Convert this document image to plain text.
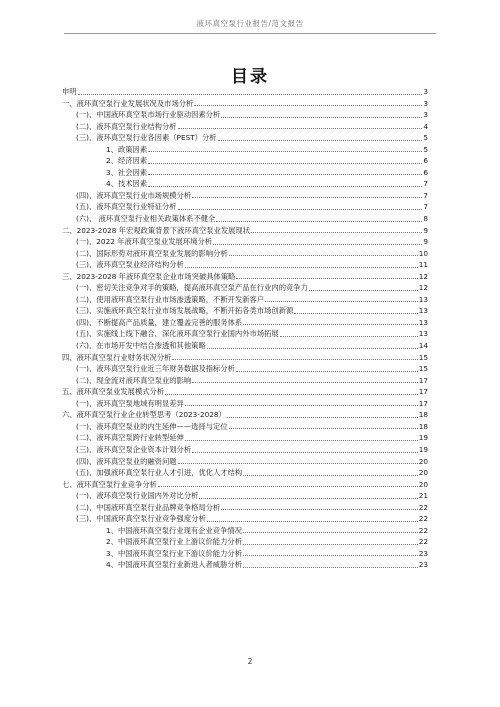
液环真空泵行业报告/范文报告
目录
申明	3
一、液环真空泵行业发展状况及市场分析	3
(一)、中国液环真空泵市场行业驱动因素分析	3
(二)、液环真空泵行业结构分析	4
(三)、液环真空泵行业各因素（PEST）分析	5
1、政策因素	5
2、经济因素	6
3、社会因素	6
4、技术因素	7
(四)、液环真空泵行业市场规模分析	7
(五)、液环真空泵行业特征分析	7
(六)、 液环真空泵行业相关政策体系不健全	8
二、2023-2028 年宏观政策背景下液环真空泵业发展现状	9
(一)、2022 年液环真空泵业发展环境分析	9
(二)、国际形势对液环真空泵业发展的影响分析	10
(三)、液环真空泵业经济结构分析	11
三、2023-2028 年液环真空泵企业市场突破具体策略	12
(一)、密切关注竞争对手的策略，提高液环真空泵产品在行业内的竞争力	12
(二)、使用液环真空泵行业市场渗透策略，不断开发新客户	13
(三)、实施液环真空泵行业市场发展战略，不断开拓各类市场创新源	13
(四)、不断提高产品质量，建立覆盖完善的服务体系	13
(五)、实施线上线下融合，深化液环真空泵行业国内外市场拓展	13
(六)、在市场开发中结合渗透和其他策略	14
四、液环真空泵行业财务状况分析	15
(一)、液环真空泵行业近三年财务数据及指标分析	15
(二)、现金流对液环真空泵业的影响	17
五、液环真空泵业发展模式分析	17
(一)、液环真空泵地域有明显差异	17
六、液环真空泵行业企业转型思考（2023-2028）	18
(一)、液环真空泵业的内生延伸——选择与定位	18
(二)、液环真空泵跨行业转型延伸	19
(三)、液环真空泵企业资本计划分析	19
(四)、液环真空泵业的融资问题	20
(五)、加强液环真空泵行业人才引进，优化人才结构	20
七、液环真空泵行业竞争分析	20
(一)、液环真空泵行业国内外对比分析	21
(二)、中国液环真空泵行业品牌竞争格局分析	22
(三)、中国液环真空泵行业竞争强度分析	22
1、中国液环真空泵行业现有企业竞争情况	22
2、中国液环真空泵行业上游议价能力分析	22
3、中国液环真空泵行业下游议价能力分析	23
4、中国液环真空泵行业新进入者威胁分析	23
2
